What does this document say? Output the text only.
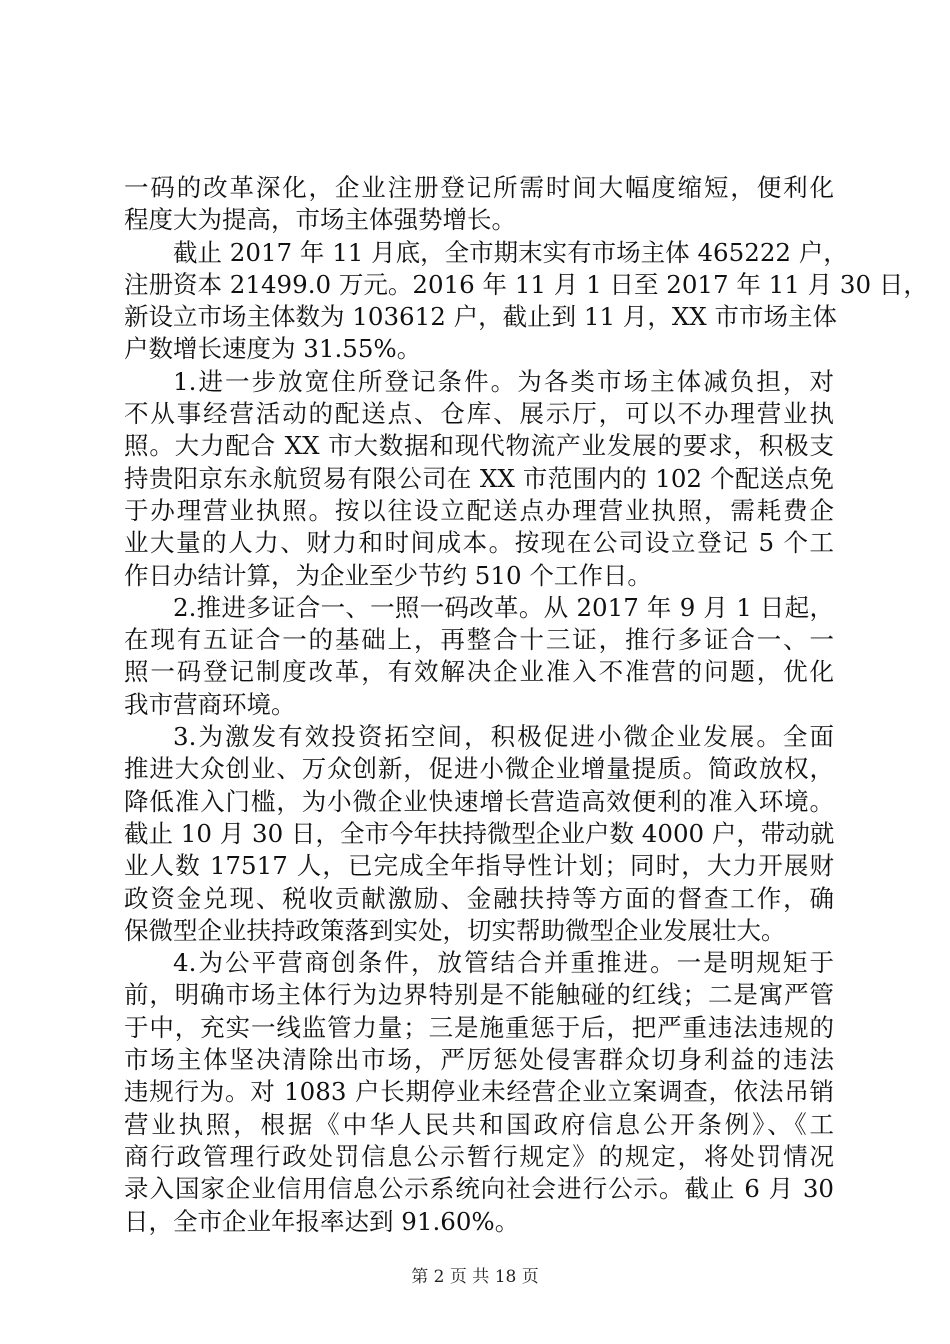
一码的改革深化，企业注册登记所需时间大幅度缩短，便利化
程度大为提高，市场主体强势增长。
截止 2017 年 11 月底，全市期末实有市场主体 465222 户，
注册资本 21499.0 万元。2016 年 11 月 1 日至 2017 年 11 月 30 日，
新设立市场主体数为 103612 户，截止到 11 月，XX 市市场主体
户数增长速度为 31.55%。
1.进一步放宽住所登记条件。为各类市场主体减负担，对
不从事经营活动的配送点、仓库、展示厅，可以不办理营业执
照。大力配合 XX 市大数据和现代物流产业发展的要求，积极支
持贵阳京东永航贸易有限公司在 XX 市范围内的 102 个配送点免
于办理营业执照。按以往设立配送点办理营业执照，需耗费企
业大量的人力、财力和时间成本。按现在公司设立登记 5 个工
作日办结计算，为企业至少节约 510 个工作日。
2.推进多证合一、一照一码改革。从 2017 年 9 月 1 日起，
在现有五证合一的基础上，再整合十三证，推行多证合一、一
照一码登记制度改革，有效解决企业准入不准营的问题，优化
我市营商环境。
3.为激发有效投资拓空间，积极促进小微企业发展。全面
推进大众创业、万众创新，促进小微企业增量提质。简政放权，
降低准入门槛，为小微企业快速增长营造高效便利的准入环境。
截止 10 月 30 日，全市今年扶持微型企业户数 4000 户，带动就
业人数 17517 人，已完成全年指导性计划；同时，大力开展财
政资金兑现、税收贡献激励、金融扶持等方面的督查工作，确
保微型企业扶持政策落到实处，切实帮助微型企业发展壮大。
4.为公平营商创条件，放管结合并重推进。一是明规矩于
前，明确市场主体行为边界特别是不能触碰的红线；二是寓严管
于中，充实一线监管力量；三是施重惩于后，把严重违法违规的
市场主体坚决清除出市场，严厉惩处侵害群众切身利益的违法
违规行为。对 1083 户长期停业未经营企业立案调查，依法吊销
营业执照，根据《中华人民共和国政府信息公开条例》、《工
商行政管理行政处罚信息公示暂行规定》的规定，将处罚情况
录入国家企业信用信息公示系统向社会进行公示。截止 6 月 30
日，全市企业年报率达到 91.60%。
第 2 页 共 18 页
